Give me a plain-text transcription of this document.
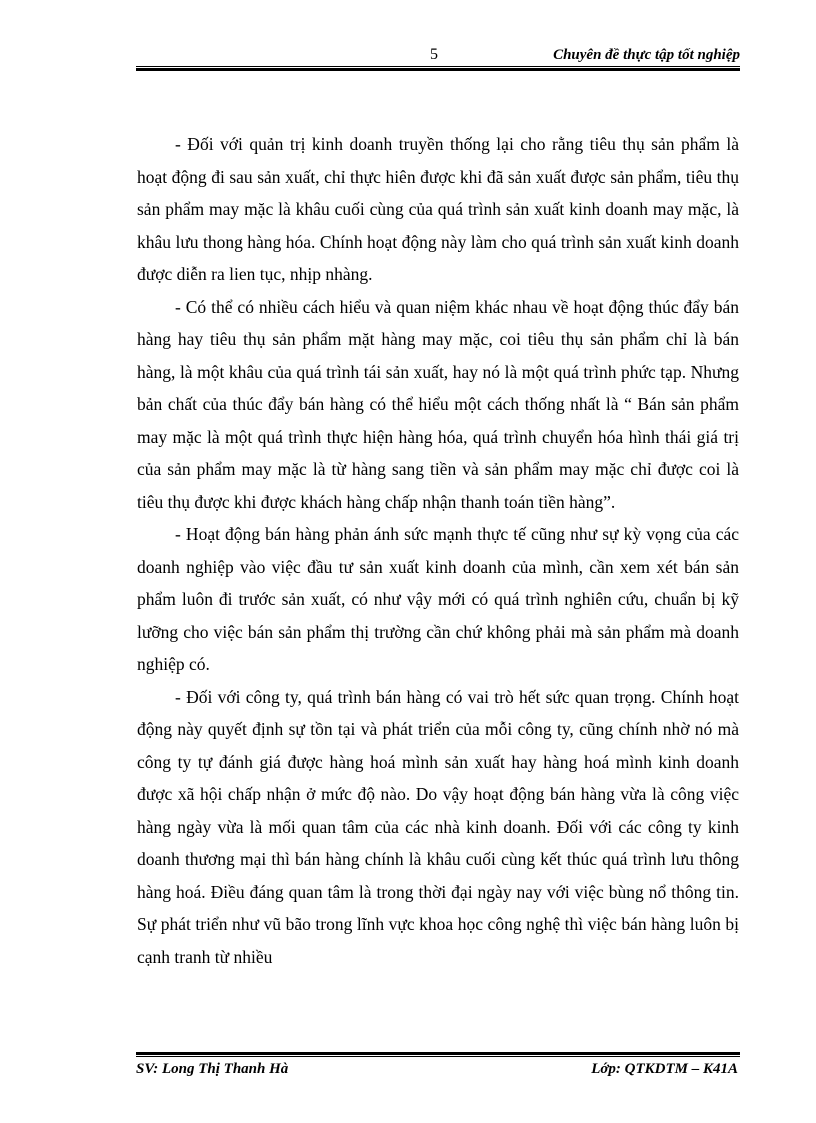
5	Chuyên đề thực tập tốt nghiệp

- Đối với quản trị kinh doanh truyền thống lại cho rằng tiêu thụ sản phẩm là hoạt động đi sau sản xuất, chỉ thực hiên được khi đã sản xuất được sản phẩm, tiêu thụ sản phẩm may mặc là khâu cuối cùng của quá trình sản xuất kinh doanh may mặc, là khâu lưu thong hàng hóa. Chính hoạt động này làm cho quá trình sản xuất kinh doanh được diễn ra lien tục, nhịp nhàng.

- Có thể có nhiều cách hiểu và quan niệm khác nhau về hoạt động thúc đẩy bán hàng hay tiêu thụ sản phẩm mặt hàng may mặc, coi tiêu thụ sản phẩm chỉ là bán hàng, là một khâu của quá trình tái sản xuất, hay nó là một quá trình phức tạp. Nhưng bản chất của thúc đẩy bán hàng có thể hiểu một cách thống nhất là “ Bán sản phẩm may mặc là một quá trình thực hiện hàng hóa, quá trình chuyển hóa hình thái giá trị của sản phẩm may mặc là từ hàng sang tiền và sản phẩm may mặc chỉ được coi là tiêu thụ được khi được khách hàng chấp nhận thanh toán tiền hàng”.

- Hoạt động bán hàng phản ánh sức mạnh thực tế cũng như sự kỳ vọng của các doanh nghiệp vào việc đầu tư sản xuất kinh doanh của mình, cần xem xét bán sản phẩm luôn đi trước sản xuất, có như vậy mới có quá trình nghiên cứu, chuẩn bị kỹ lưỡng cho việc bán sản phẩm thị trường cần chứ không phải mà sản phẩm mà doanh nghiệp có.

- Đối với công ty, quá trình bán hàng có vai trò hết sức quan trọng. Chính hoạt động này quyết định sự tồn tại và phát triển của mỗi công ty, cũng chính nhờ nó mà công ty tự đánh giá được hàng hoá mình sản xuất hay hàng hoá mình kinh doanh được xã hội chấp nhận ở mức độ nào. Do vậy hoạt động bán hàng vừa là công việc hàng ngày vừa là mối quan tâm của các nhà kinh doanh. Đối với các công ty kinh doanh thương mại thì bán hàng chính là khâu cuối cùng kết thúc quá trình lưu thông hàng hoá. Điều đáng quan tâm là trong thời đại ngày nay với việc bùng nổ thông tin. Sự phát triển như vũ bão trong lĩnh vực khoa học công nghệ thì việc bán hàng luôn bị cạnh tranh từ nhiều

SV: Long Thị Thanh Hà	Lớp: QTKDTM – K41A
